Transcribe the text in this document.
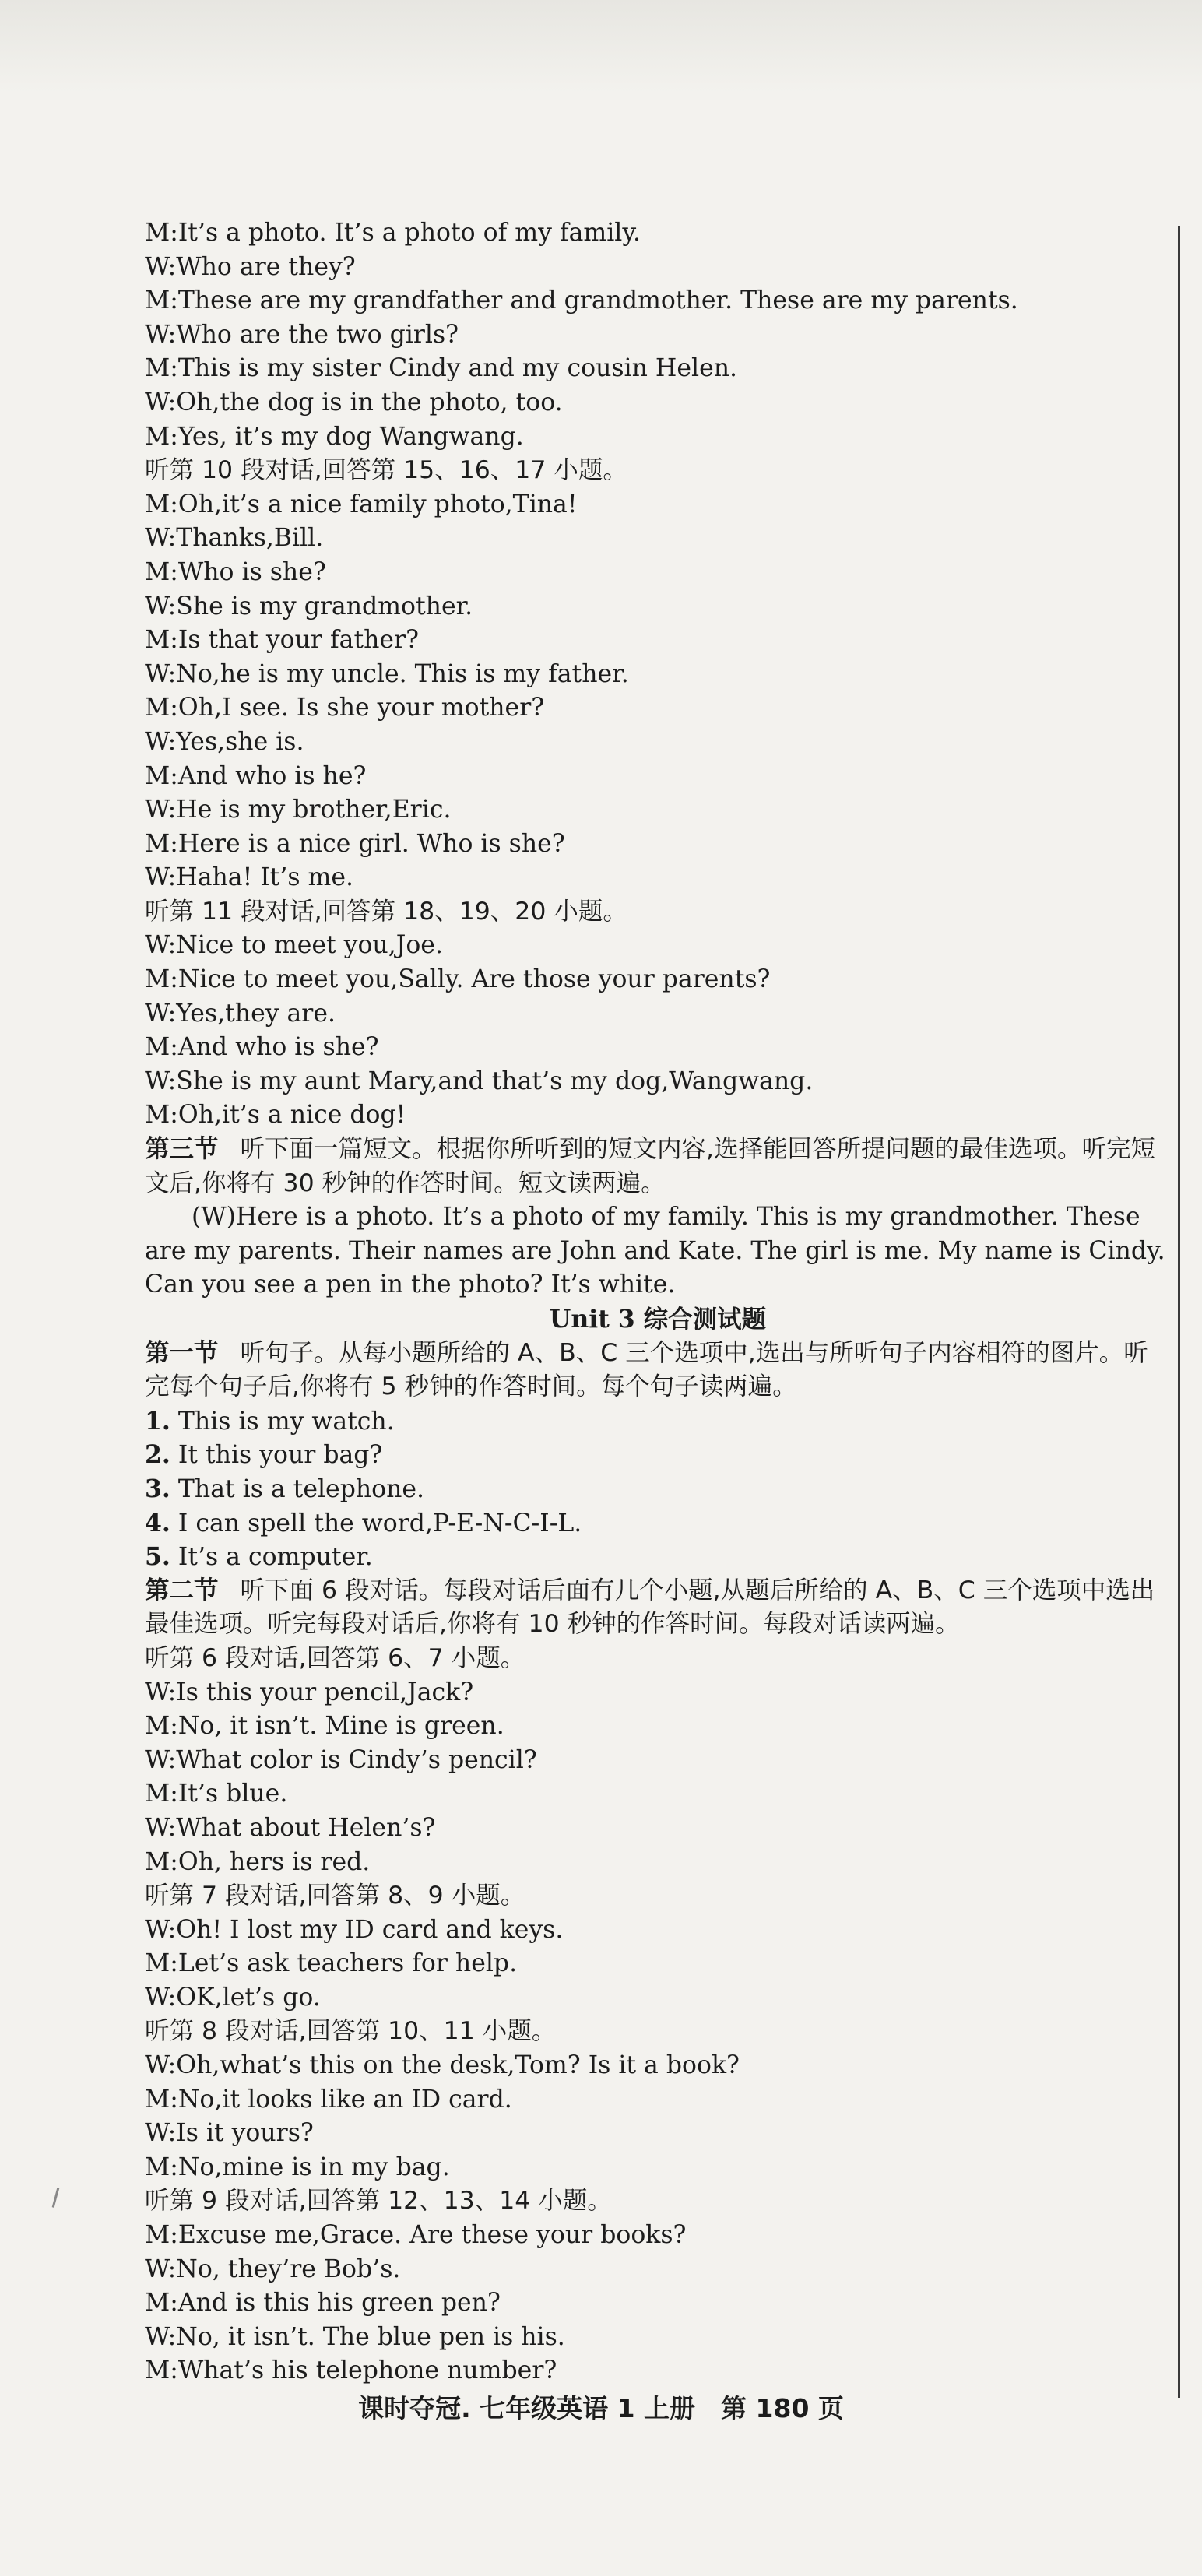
M:It’s a photo. It’s a photo of my family.
W:Who are they?
M:These are my grandfather and grandmother. These are my parents.
W:Who are the two girls?
M:This is my sister Cindy and my cousin Helen.
W:Oh,the dog is in the photo, too.
M:Yes, it’s my dog Wangwang.
听第 10 段对话,回答第 15、16、17 小题。
M:Oh,it’s a nice family photo,Tina!
W:Thanks,Bill.
M:Who is she?
W:She is my grandmother.
M:Is that your father?
W:No,he is my uncle. This is my father.
M:Oh,I see. Is she your mother?
W:Yes,she is.
M:And who is he?
W:He is my brother,Eric.
M:Here is a nice girl. Who is she?
W:Haha! It’s me.
听第 11 段对话,回答第 18、19、20 小题。
W:Nice to meet you,Joe.
M:Nice to meet you,Sally. Are those your parents?
W:Yes,they are.
M:And who is she?
W:She is my aunt Mary,and that’s my dog,Wangwang.
M:Oh,it’s a nice dog!
第三节 听下面一篇短文。根据你所听到的短文内容,选择能回答所提问题的最佳选项。听完短文后,你将有 30 秒钟的作答时间。短文读两遍。
(W)Here is a photo. It’s a photo of my family. This is my grandmother. These are my parents. Their names are John and Kate. The girl is me. My name is Cindy. Can you see a pen in the photo? It’s white.
Unit 3 综合测试题
第一节 听句子。从每小题所给的 A、B、C 三个选项中,选出与所听句子内容相符的图片。听完每个句子后,你将有 5 秒钟的作答时间。每个句子读两遍。
1. This is my watch.
2. It this your bag?
3. That is a telephone.
4. I can spell the word,P-E-N-C-I-L.
5. It’s a computer.
第二节 听下面 6 段对话。每段对话后面有几个小题,从题后所给的 A、B、C 三个选项中选出最佳选项。听完每段对话后,你将有 10 秒钟的作答时间。每段对话读两遍。
听第 6 段对话,回答第 6、7 小题。
W:Is this your pencil,Jack?
M:No, it isn’t. Mine is green.
W:What color is Cindy’s pencil?
M:It’s blue.
W:What about Helen’s?
M:Oh, hers is red.
听第 7 段对话,回答第 8、9 小题。
W:Oh! I lost my ID card and keys.
M:Let’s ask teachers for help.
W:OK,let’s go.
听第 8 段对话,回答第 10、11 小题。
W:Oh,what’s this on the desk,Tom? Is it a book?
M:No,it looks like an ID card.
W:Is it yours?
M:No,mine is in my bag.
听第 9 段对话,回答第 12、13、14 小题。
M:Excuse me,Grace. Are these your books?
W:No, they’re Bob’s.
M:And is this his green pen?
W:No, it isn’t. The blue pen is his.
M:What’s his telephone number?
课时夺冠. 七年级英语 1 上册　第 180 页
